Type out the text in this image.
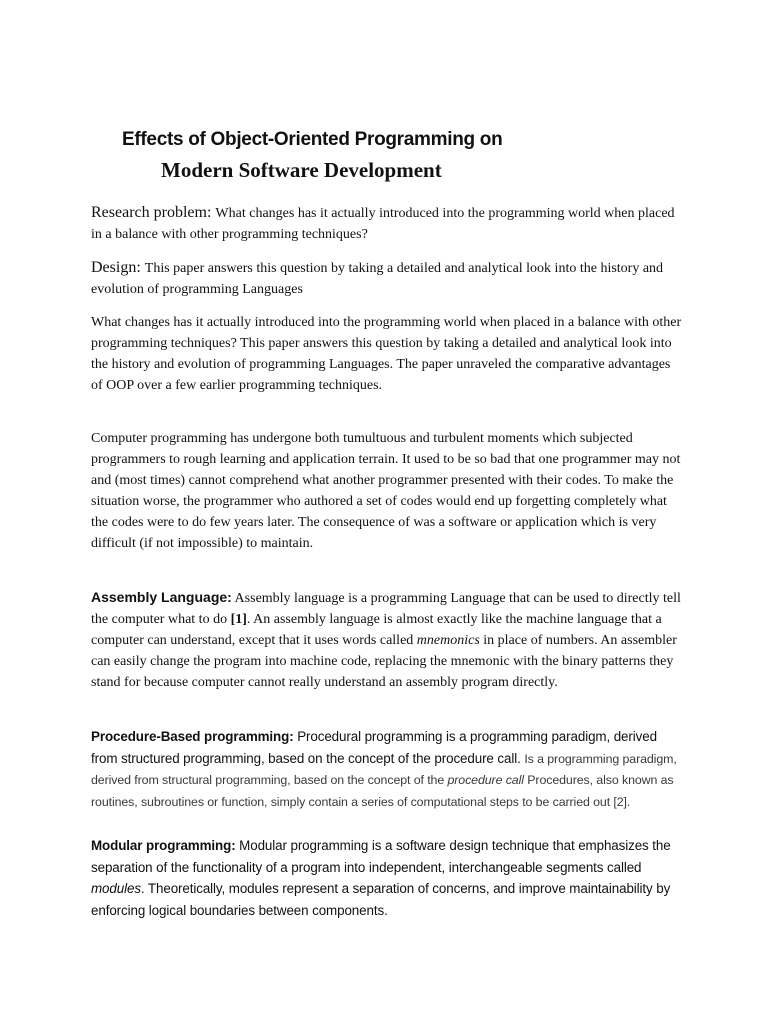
Effects of Object-Oriented Programming on
Modern Software Development
Research problem: What changes has it actually introduced into the programming world when placed in a balance with other programming techniques?
Design: This paper answers this question by taking a detailed and analytical look into the history and evolution of programming Languages
What changes has it actually introduced into the programming world when placed in a balance with other programming techniques? This paper answers this question by taking a detailed and analytical look into the history and evolution of programming Languages. The paper unraveled the comparative advantages of OOP over a few earlier programming techniques.
Computer programming has undergone both tumultuous and turbulent moments which subjected programmers to rough learning and application terrain. It used to be so bad that one programmer may not and (most times) cannot comprehend what another programmer presented with their codes. To make the situation worse, the programmer who authored a set of codes would end up forgetting completely what the codes were to do few years later. The consequence of was a software or application which is very difficult (if not impossible) to maintain.
Assembly Language: Assembly language is a programming Language that can be used to directly tell the computer what to do [1]. An assembly language is almost exactly like the machine language that a computer can understand, except that it uses words called mnemonics in place of numbers. An assembler can easily change the program into machine code, replacing the mnemonic with the binary patterns they stand for because computer cannot really understand an assembly program directly.
Procedure-Based programming: Procedural programming is a programming paradigm, derived from structured programming, based on the concept of the procedure call. Is a programming paradigm, derived from structural programming, based on the concept of the procedure call Procedures, also known as routines, subroutines or function, simply contain a series of computational steps to be carried out [2].
Modular programming: Modular programming is a software design technique that emphasizes the separation of the functionality of a program into independent, interchangeable segments called modules. Theoretically, modules represent a separation of concerns, and improve maintainability by enforcing logical boundaries between components.
